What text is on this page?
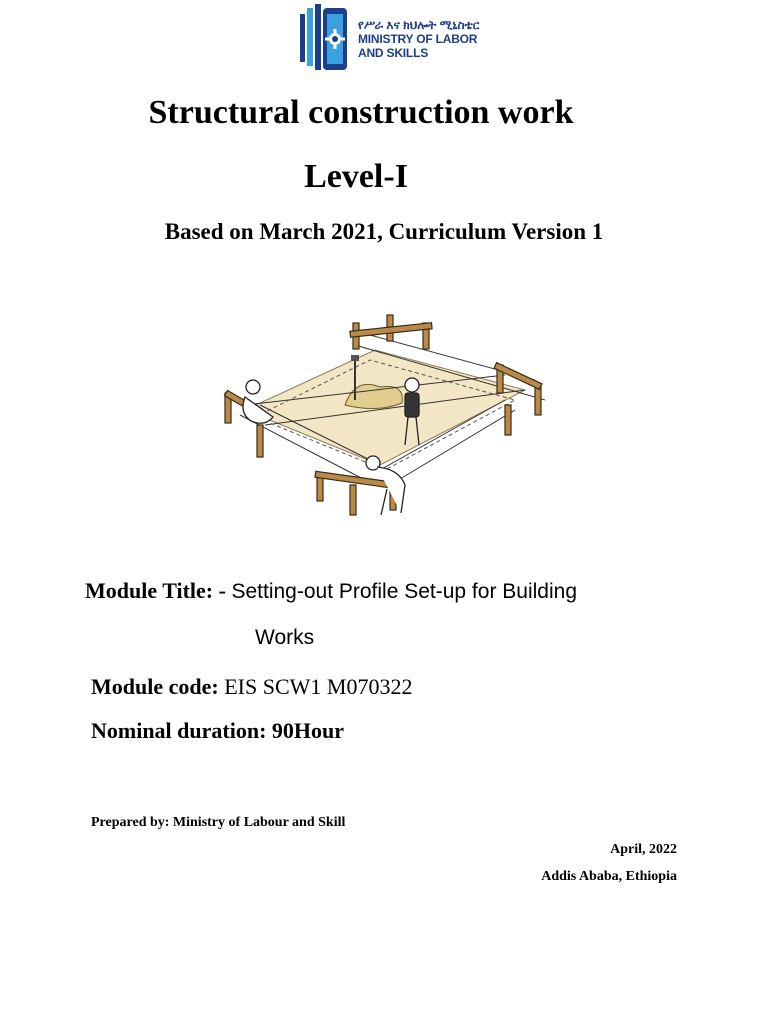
የሥራ እና ክህሎት ሚኒስቴር
MINISTRY OF LABOR
AND SKILLS
Structural construction work
Level-I
Based on March 2021, Curriculum Version 1
Module Title: - Setting-out Profile Set-up for Building
Works
Module code: EIS SCW1 M070322
Nominal duration: 90Hour
Prepared by: Ministry of Labour and Skill
April, 2022
Addis Ababa, Ethiopia
